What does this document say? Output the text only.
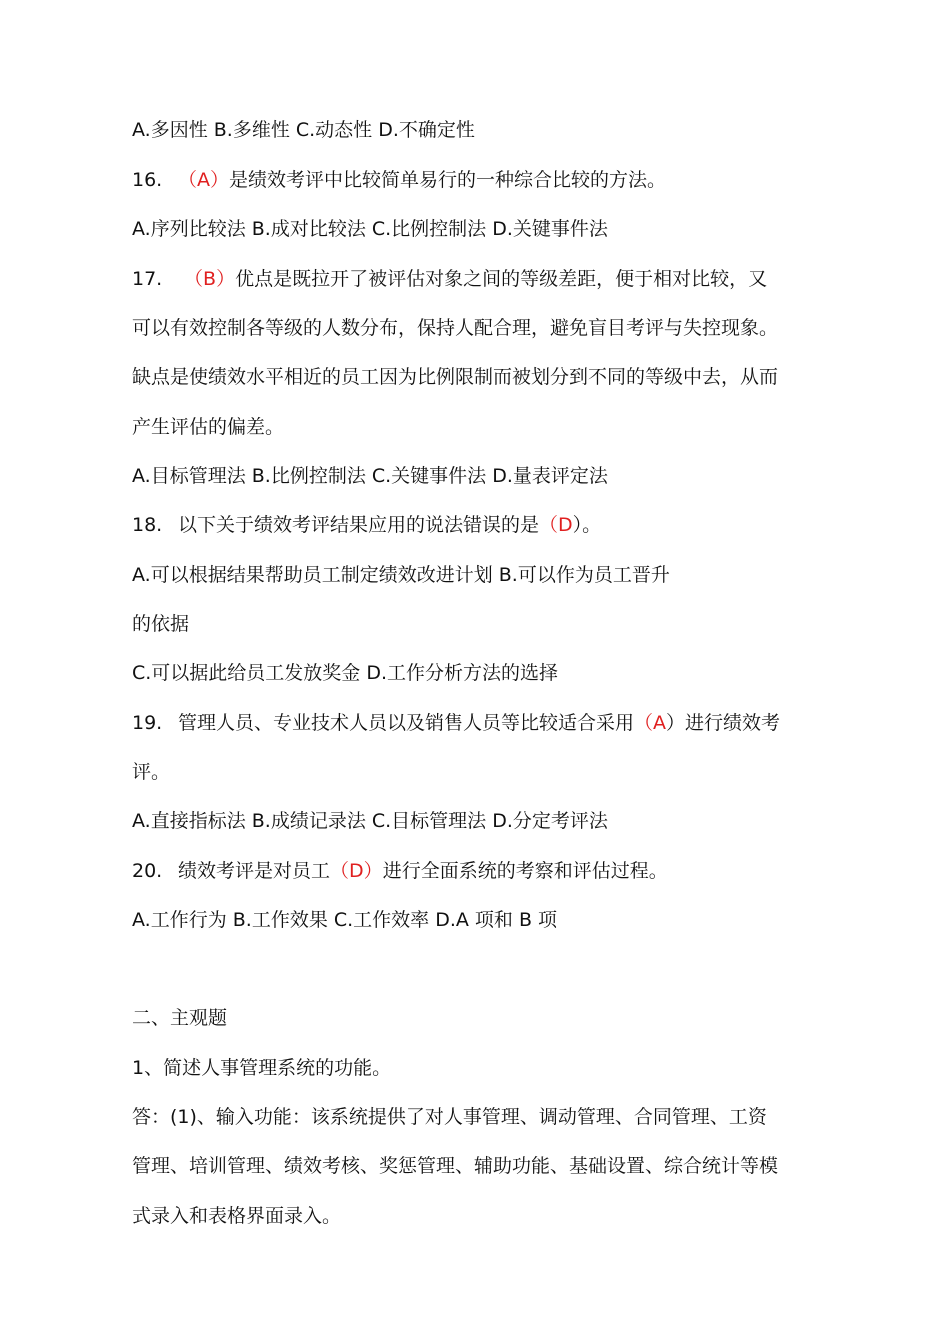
A.多因性 B.多维性 C.动态性 D.不确定性
16. （A）是绩效考评中比较简单易行的一种综合比较的方法。
A.序列比较法 B.成对比较法 C.比例控制法 D.关键事件法
17. （B）优点是既拉开了被评估对象之间的等级差距，便于相对比较，又
可以有效控制各等级的人数分布，保持人配合理，避免盲目考评与失控现象。
缺点是使绩效水平相近的员工因为比例限制而被划分到不同的等级中去，从而
产生评估的偏差。
A.目标管理法 B.比例控制法 C.关键事件法 D.量表评定法
18. 以下关于绩效考评结果应用的说法错误的是（D）。
A.可以根据结果帮助员工制定绩效改进计划 B.可以作为员工晋升
的依据
C.可以据此给员工发放奖金 D.工作分析方法的选择
19. 管理人员、专业技术人员以及销售人员等比较适合采用（A）进行绩效考
评。
A.直接指标法 B.成绩记录法 C.目标管理法 D.分定考评法
20. 绩效考评是对员工（D）进行全面系统的考察和评估过程。
A.工作行为 B.工作效果 C.工作效率 D.A 项和 B 项
二、主观题
1、简述人事管理系统的功能。
答：(1)、输入功能：该系统提供了对人事管理、调动管理、合同管理、工资
管理、培训管理、绩效考核、奖惩管理、辅助功能、基础设置、综合统计等模
式录入和表格界面录入。
